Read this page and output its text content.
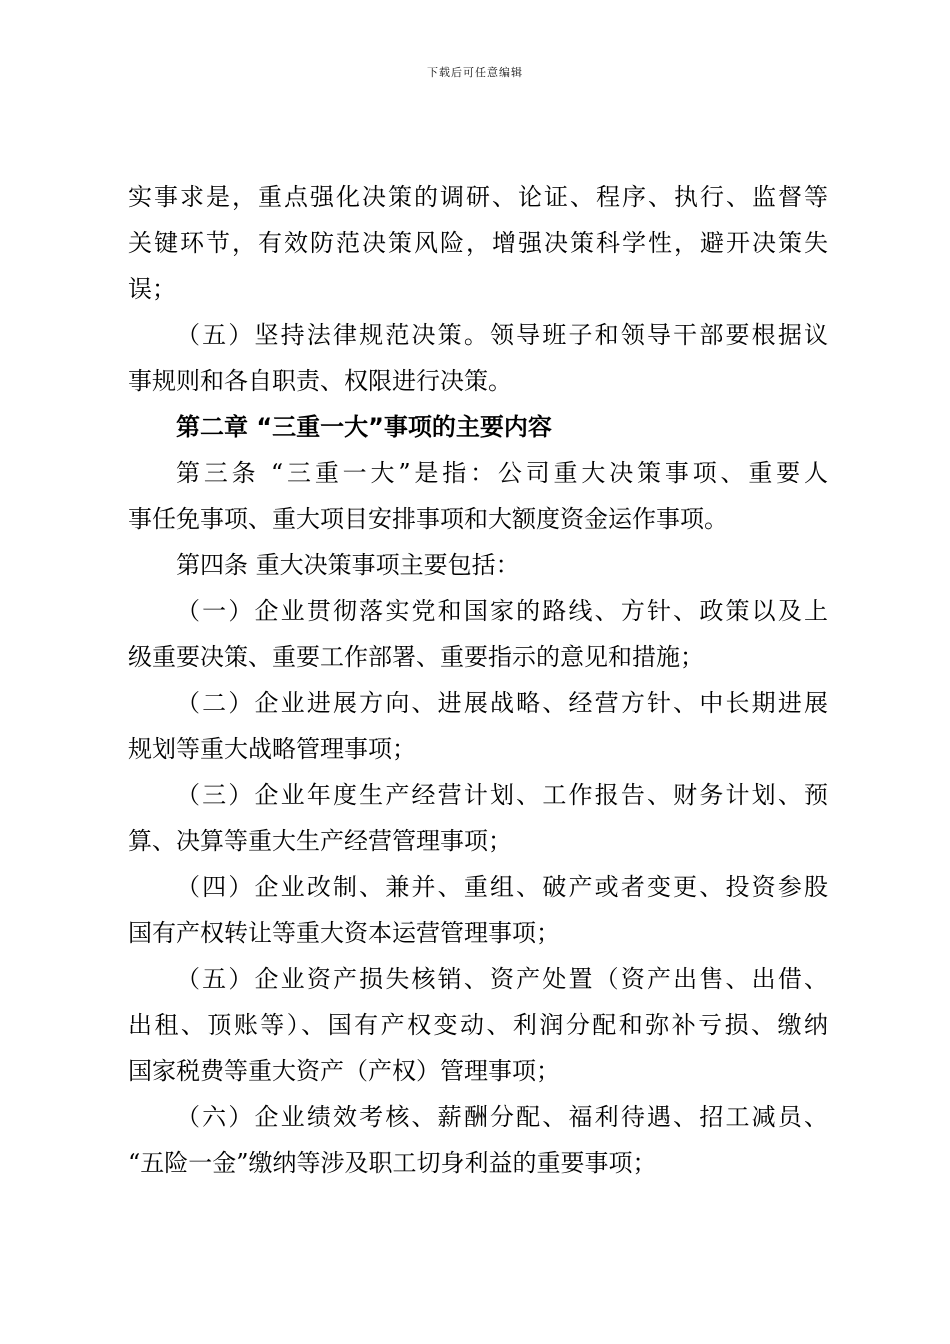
下载后可任意编辑
实事求是，重点强化决策的调研、论证、程序、执行、监督等
关键环节，有效防范决策风险，增强决策科学性，避开决策失
误；
（五）坚持法律规范决策。领导班子和领导干部要根据议
事规则和各自职责、权限进行决策。
第二章 “三重一大”事项的主要内容
第三条 “三重一大”是指：公司重大决策事项、重要人
事任免事项、重大项目安排事项和大额度资金运作事项。
第四条 重大决策事项主要包括：
（一）企业贯彻落实党和国家的路线、方针、政策以及上
级重要决策、重要工作部署、重要指示的意见和措施；
（二）企业进展方向、进展战略、经营方针、中长期进展
规划等重大战略管理事项；
（三）企业年度生产经营计划、工作报告、财务计划、预
算、决算等重大生产经营管理事项；
（四）企业改制、兼并、重组、破产或者变更、投资参股
国有产权转让等重大资本运营管理事项；
（五）企业资产损失核销、资产处置（资产出售、出借、
出租、顶账等）、国有产权变动、利润分配和弥补亏损、缴纳
国家税费等重大资产（产权）管理事项；
（六）企业绩效考核、薪酬分配、福利待遇、招工减员、
“五险一金”缴纳等涉及职工切身利益的重要事项；
